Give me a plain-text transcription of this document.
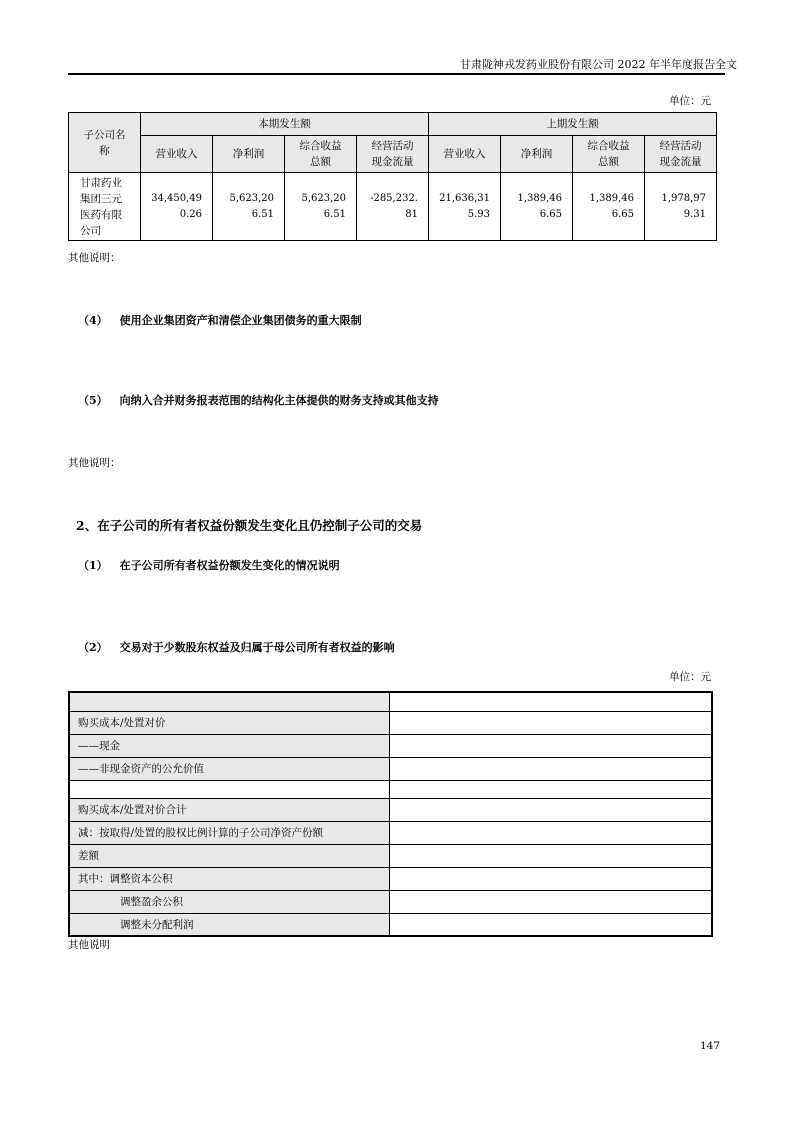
甘肃陇神戎发药业股份有限公司 2022 年半年度报告全文
单位：元
子公司名称	本期发生额				上期发生额			
	营业收入	净利润	综合收益总额	经营活动现金流量	营业收入	净利润	综合收益总额	经营活动现金流量
甘肃药业集团三元医药有限公司	34,450,490.26	5,623,206.51	5,623,206.51	-285,232.81	21,636,315.93	1,389,466.65	1,389,466.65	1,978,979.31
其他说明：
（4） 使用企业集团资产和清偿企业集团债务的重大限制
（5） 向纳入合并财务报表范围的结构化主体提供的财务支持或其他支持
其他说明：
2、在子公司的所有者权益份额发生变化且仍控制子公司的交易
（1） 在子公司所有者权益份额发生变化的情况说明
（2） 交易对于少数股东权益及归属于母公司所有者权益的影响
单位：元

购买成本/处置对价	
——现金	
——非现金资产的公允价值	

购买成本/处置对价合计	
减：按取得/处置的股权比例计算的子公司净资产份额	
差额	
其中：调整资本公积	
调整盈余公积	
调整未分配利润	
其他说明
147
